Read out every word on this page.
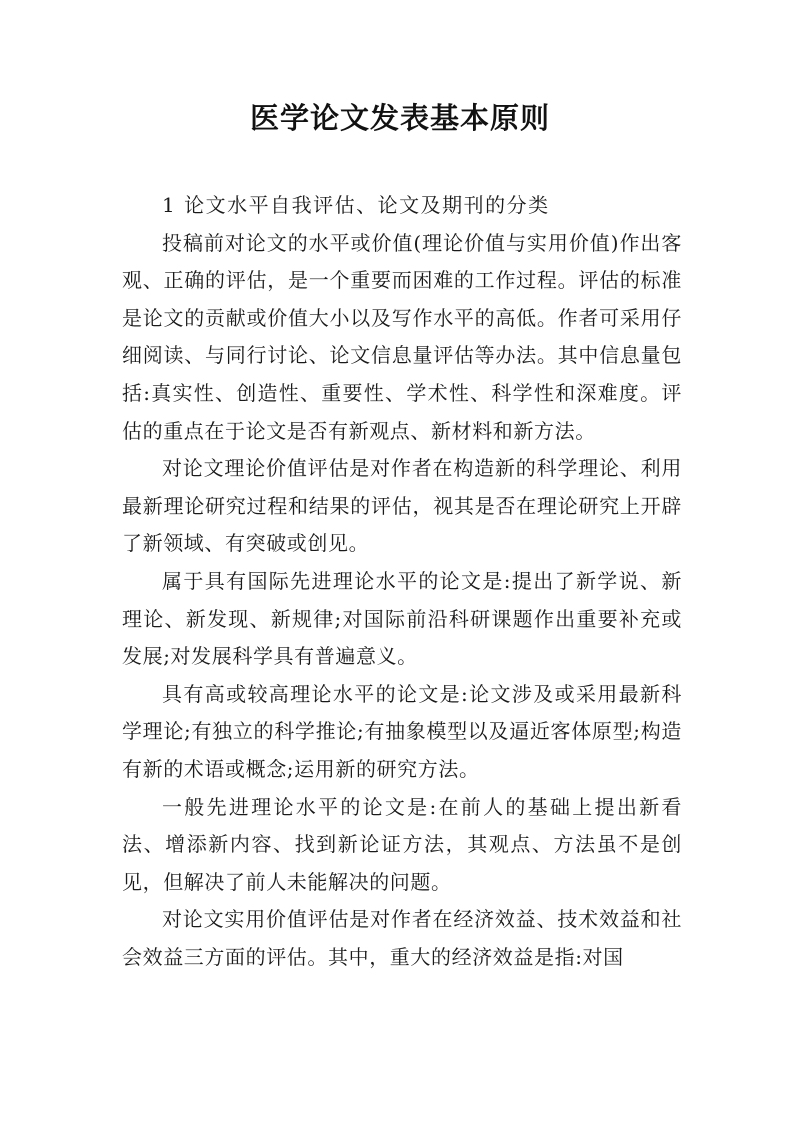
医学论文发表基本原则

1 论文水平自我评估、论文及期刊的分类

投稿前对论文的水平或价值(理论价值与实用价值)作出客观、正确的评估，是一个重要而困难的工作过程。评估的标准是论文的贡献或价值大小以及写作水平的高低。作者可采用仔细阅读、与同行讨论、论文信息量评估等办法。其中信息量包括:真实性、创造性、重要性、学术性、科学性和深难度。评估的重点在于论文是否有新观点、新材料和新方法。

对论文理论价值评估是对作者在构造新的科学理论、利用最新理论研究过程和结果的评估，视其是否在理论研究上开辟了新领域、有突破或创见。

属于具有国际先进理论水平的论文是:提出了新学说、新理论、新发现、新规律;对国际前沿科研课题作出重要补充或发展;对发展科学具有普遍意义。

具有高或较高理论水平的论文是:论文涉及或采用最新科学理论;有独立的科学推论;有抽象模型以及逼近客体原型;构造有新的术语或概念;运用新的研究方法。

一般先进理论水平的论文是:在前人的基础上提出新看法、增添新内容、找到新论证方法，其观点、方法虽不是创见，但解决了前人未能解决的问题。

对论文实用价值评估是对作者在经济效益、技术效益和社会效益三方面的评估。其中，重大的经济效益是指:对国
